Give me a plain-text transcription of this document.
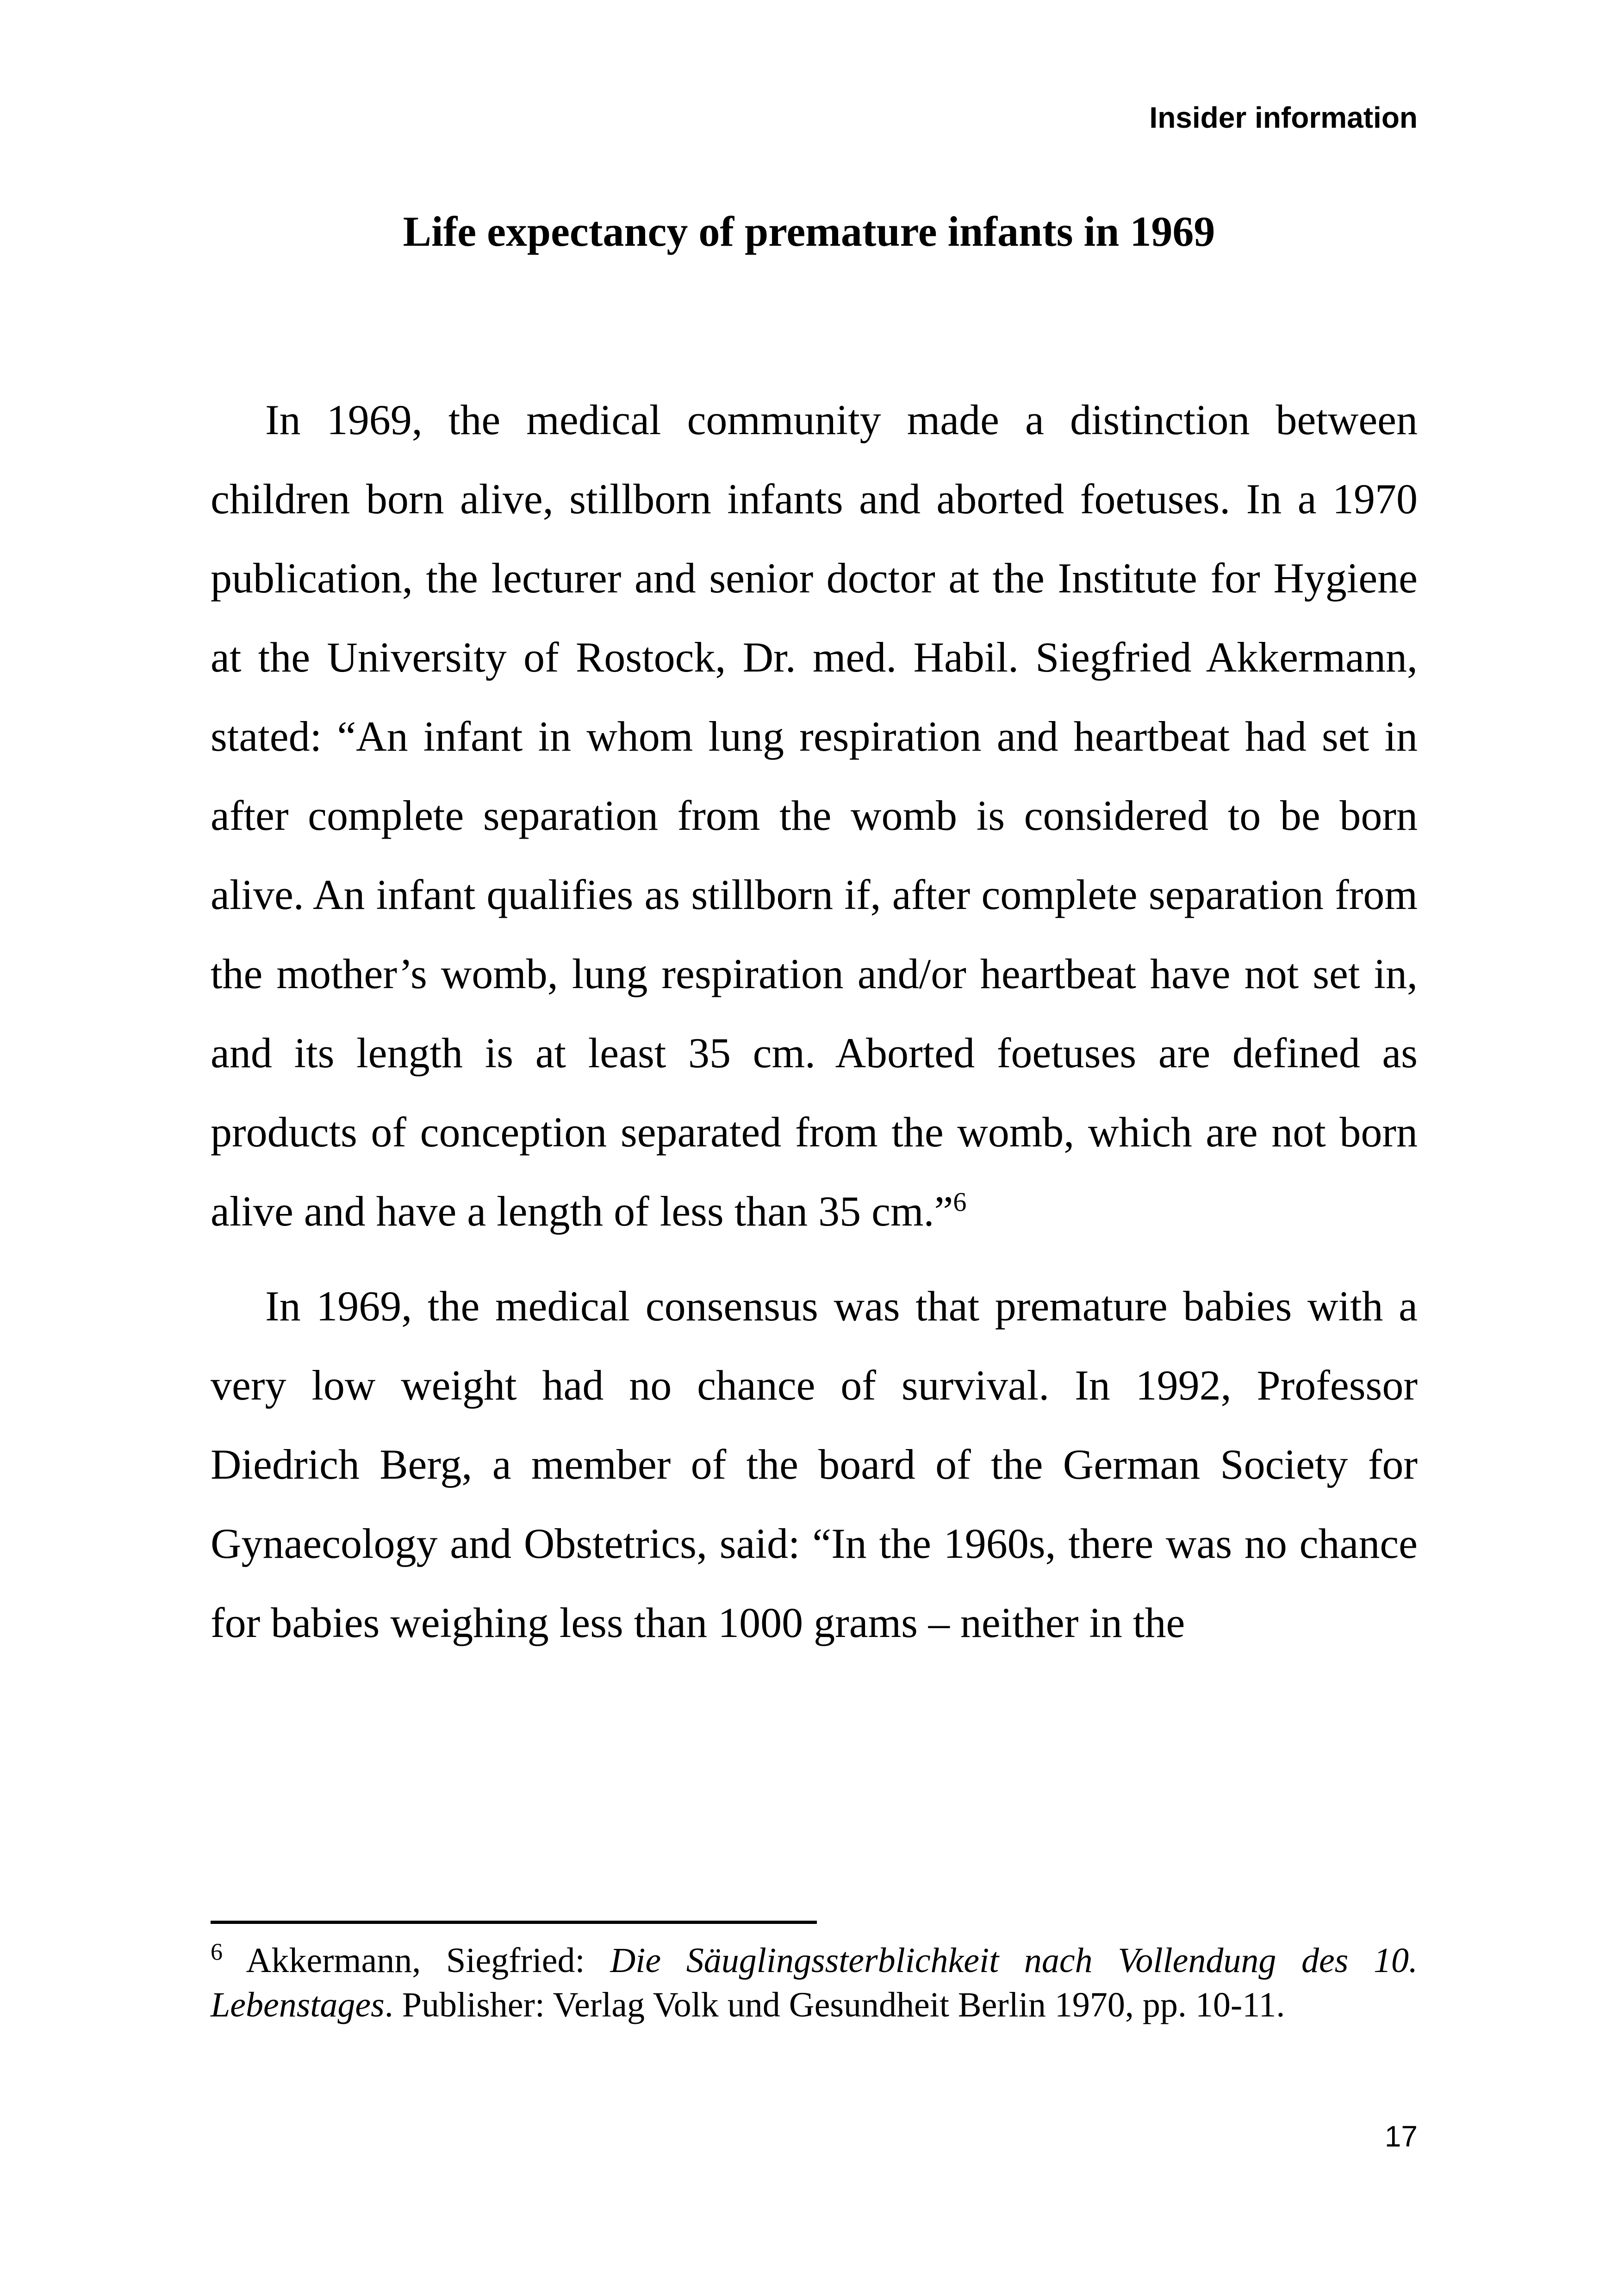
Insider information
Life expectancy of premature infants in 1969

In 1969, the medical community made a distinction between children born alive, stillborn infants and aborted foetuses. In a 1970 publication, the lecturer and senior doctor at the Institute for Hygiene at the University of Rostock, Dr. med. Habil. Siegfried Akkermann, stated: “An infant in whom lung respiration and heartbeat had set in after complete separation from the womb is considered to be born alive. An infant qualifies as stillborn if, after complete separation from the mother’s womb, lung respiration and/or heartbeat have not set in, and its length is at least 35 cm. Aborted foetuses are defined as products of conception separated from the womb, which are not born alive and have a length of less than 35 cm.”$^6$

In 1969, the medical consensus was that premature babies with a very low weight had no chance of survival. In 1992, Professor Diedrich Berg, a member of the board of the German Society for Gynaecology and Obstetrics, said: “In the 1960s, there was no chance for babies weighing less than 1000 grams – neither in the

$^6$ Akkermann, Siegfried: Die Säuglingssterblichkeit nach Vollendung des 10. Lebenstages. Publisher: Verlag Volk und Gesundheit Berlin 1970, pp. 10-11.
17
